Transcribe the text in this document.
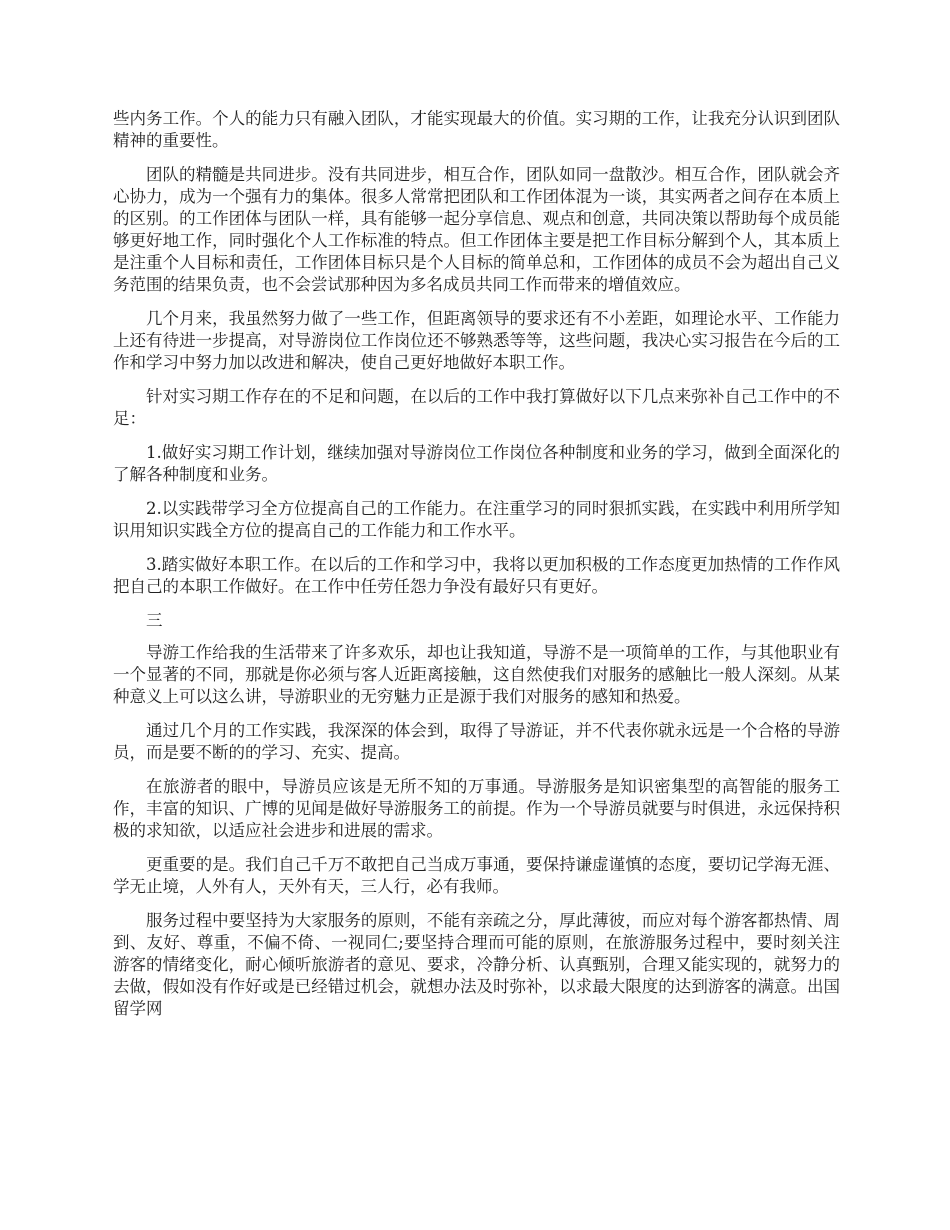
些内务工作。个人的能力只有融入团队，才能实现最大的价值。实习期的工作，让我充分认识到团队精神的重要性。

团队的精髓是共同进步。没有共同进步，相互合作，团队如同一盘散沙。相互合作，团队就会齐心协力，成为一个强有力的集体。很多人常常把团队和工作团体混为一谈，其实两者之间存在本质上的区别。的工作团体与团队一样，具有能够一起分享信息、观点和创意，共同决策以帮助每个成员能够更好地工作，同时强化个人工作标准的特点。但工作团体主要是把工作目标分解到个人，其本质上是注重个人目标和责任，工作团体目标只是个人目标的简单总和，工作团体的成员不会为超出自己义务范围的结果负责，也不会尝试那种因为多名成员共同工作而带来的增值效应。

几个月来，我虽然努力做了一些工作，但距离领导的要求还有不小差距，如理论水平、工作能力上还有待进一步提高，对导游岗位工作岗位还不够熟悉等等，这些问题，我决心实习报告在今后的工作和学习中努力加以改进和解决，使自己更好地做好本职工作。

针对实习期工作存在的不足和问题，在以后的工作中我打算做好以下几点来弥补自己工作中的不足：

1.做好实习期工作计划，继续加强对导游岗位工作岗位各种制度和业务的学习，做到全面深化的了解各种制度和业务。

2.以实践带学习全方位提高自己的工作能力。在注重学习的同时狠抓实践，在实践中利用所学知识用知识实践全方位的提高自己的工作能力和工作水平。

3.踏实做好本职工作。在以后的工作和学习中，我将以更加积极的工作态度更加热情的工作作风把自己的本职工作做好。在工作中任劳任怨力争没有最好只有更好。

三

导游工作给我的生活带来了许多欢乐，却也让我知道，导游不是一项简单的工作，与其他职业有一个显著的不同，那就是你必须与客人近距离接触，这自然使我们对服务的感触比一般人深刻。从某种意义上可以这么讲，导游职业的无穷魅力正是源于我们对服务的感知和热爱。

通过几个月的工作实践，我深深的体会到，取得了导游证，并不代表你就永远是一个合格的导游员，而是要不断的的学习、充实、提高。

在旅游者的眼中，导游员应该是无所不知的万事通。导游服务是知识密集型的高智能的服务工作，丰富的知识、广博的见闻是做好导游服务工的前提。作为一个导游员就要与时俱进，永远保持积极的求知欲，以适应社会进步和进展的需求。

更重要的是。我们自己千万不敢把自己当成万事通，要保持谦虚谨慎的态度，要切记学海无涯、学无止境，人外有人，天外有天，三人行，必有我师。

服务过程中要坚持为大家服务的原则，不能有亲疏之分，厚此薄彼，而应对每个游客都热情、周到、友好、尊重，不偏不倚、一视同仁;要坚持合理而可能的原则，在旅游服务过程中，要时刻关注游客的情绪变化，耐心倾听旅游者的意见、要求，冷静分析、认真甄别，合理又能实现的，就努力的去做，假如没有作好或是已经错过机会，就想办法及时弥补，以求最大限度的达到游客的满意。出国留学网
